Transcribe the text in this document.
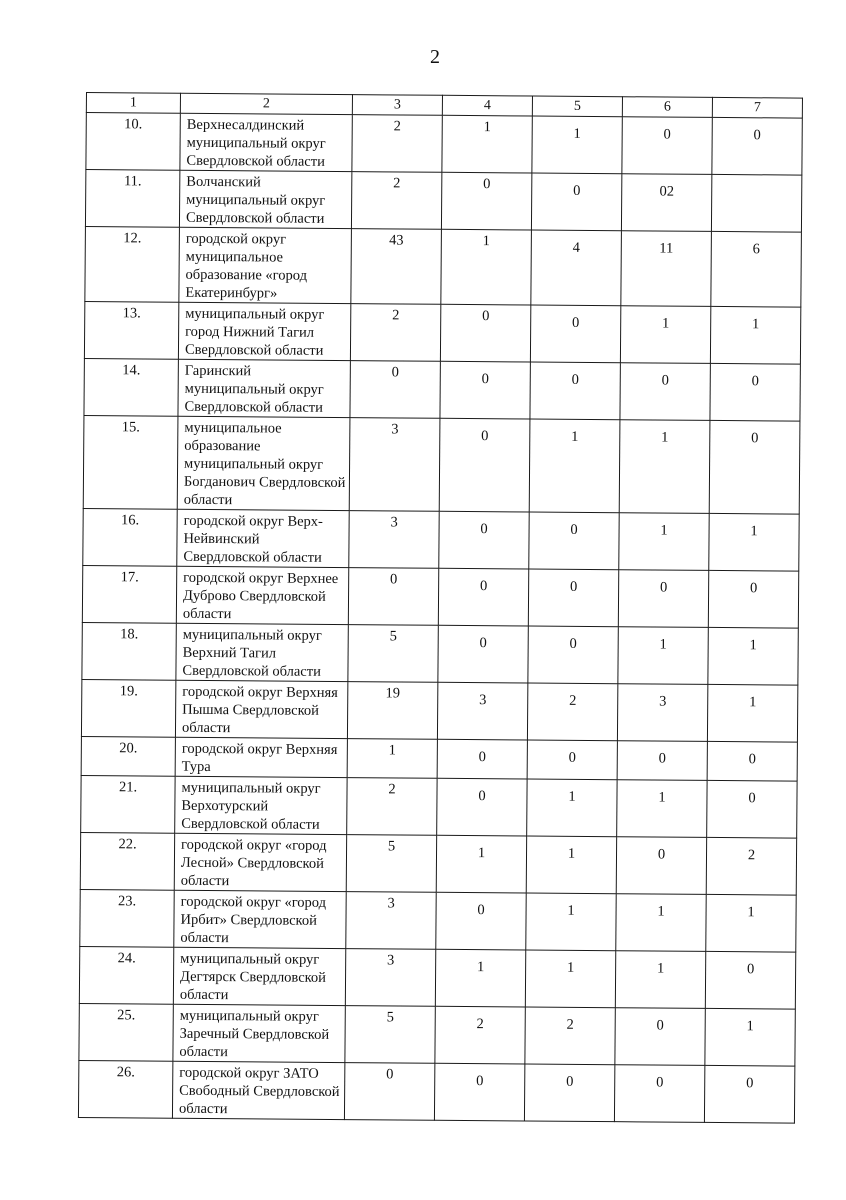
2
1	2	3	4	5	6	7
10.	Верхнесалдинский муниципальный округ Свердловской области	2	1	1	0	0
11.	Волчанский муниципальный округ Свердловской области	2	0	0	02	
12.	городской округ муниципальное образование «город Екатеринбург»	43	1	4	11	6
13.	муниципальный округ город Нижний Тагил Свердловской области	2	0	0	1	1
14.	Гаринский муниципальный округ Свердловской области	0	0	0	0	0
15.	муниципальное образование муниципальный округ Богданович Свердловской области	3	0	1	1	0
16.	городской округ Верх-Нейвинский Свердловской области	3	0	0	1	1
17.	городской округ Верхнее Дуброво Свердловской области	0	0	0	0	0
18.	муниципальный округ Верхний Тагил Свердловской области	5	0	0	1	1
19.	городской округ Верхняя Пышма Свердловской области	19	3	2	3	1
20.	городской округ Верхняя Тура	1	0	0	0	0
21.	муниципальный округ Верхотурский Свердловской области	2	0	1	1	0
22.	городской округ «город Лесной» Свердловской области	5	1	1	0	2
23.	городской округ «город Ирбит» Свердловской области	3	0	1	1	1
24.	муниципальный округ Дегтярск Свердловской области	3	1	1	1	0
25.	муниципальный округ Заречный Свердловской области	5	2	2	0	1
26.	городской округ ЗАТО Свободный Свердловской области	0	0	0	0	0
